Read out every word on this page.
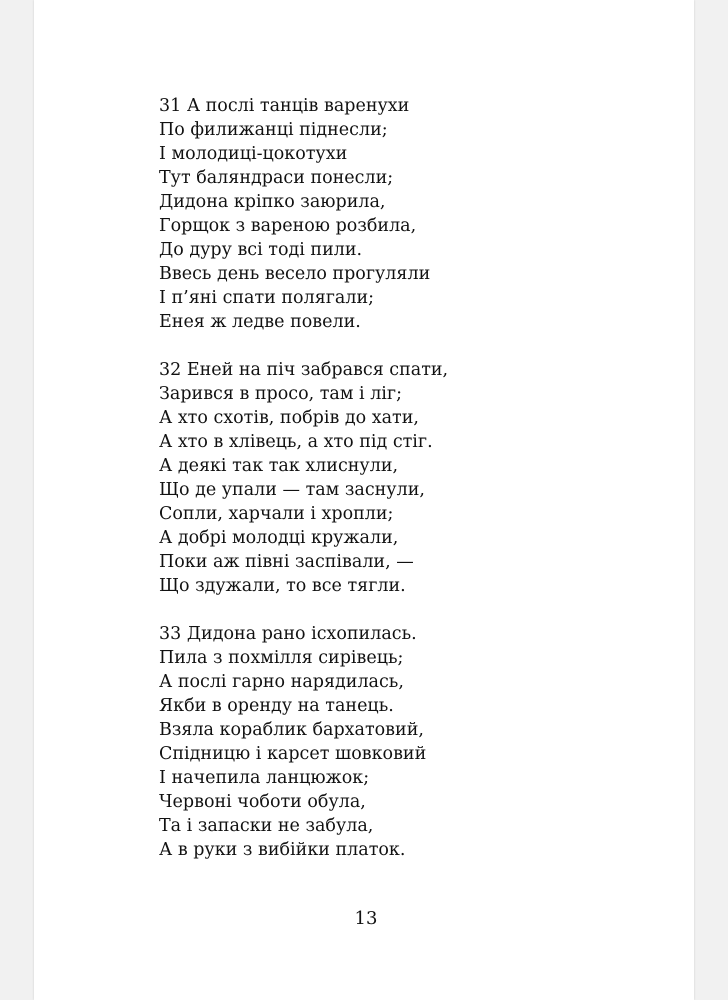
31 А послі танців варенухи
По филижанці піднесли;
І молодиці-цокотухи
Тут баляндраси понесли;
Дидона кріпко заюрила,
Горщок з вареною розбила,
До дуру всі тоді пили.
Ввесь день весело прогуляли
І п’яні спати полягали;
Енея ж ледве повели.
32 Еней на піч забрався спати,
Зарився в просо, там і ліг;
А хто схотів, побрів до хати,
А хто в хлівець, а хто під стіг.
А деякі так так хлиснули,
Що де упали — там заснули,
Сопли, харчали і хропли;
А добрі молодці кружали,
Поки аж півні заспівали, —
Що здужали, то все тягли.
33 Дидона рано ісхопилась.
Пила з похмілля сирівець;
А послі гарно нарядилась,
Якби в оренду на танець.
Взяла кораблик бархатовий,
Спідницю і карсет шовковий
І начепила ланцюжок;
Червоні чоботи обула,
Та і запаски не забула,
А в руки з вибійки платок.
13
